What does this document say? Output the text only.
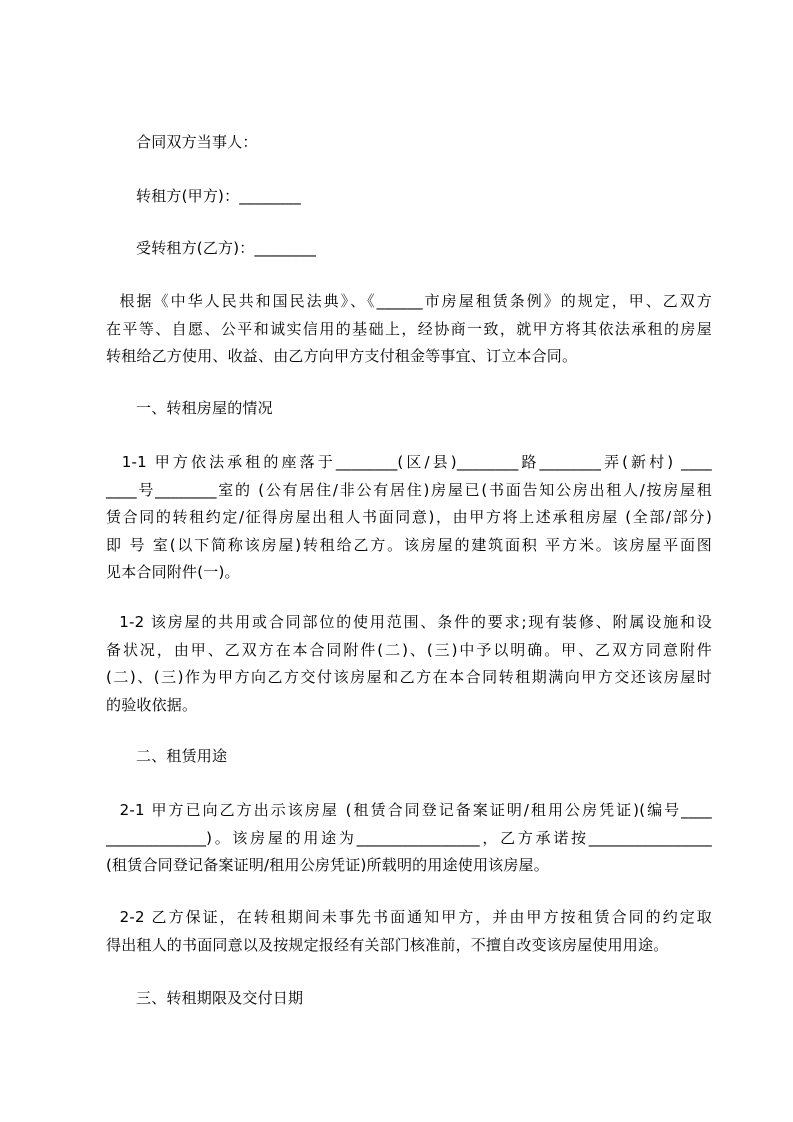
合同双方当事人：

转租方(甲方)：________

受转租方(乙方)：________

根据《中华人民共和国民法典》、《______市房屋租赁条例》的规定，甲、乙双方
在平等、自愿、公平和诚实信用的基础上，经协商一致，就甲方将其依法承租的房屋
转租给乙方使用、收益、由乙方向甲方支付租金等事宜、订立本合同。

一、转租房屋的情况

1-1 甲方依法承租的座落于________(区/县)________路________弄(新村) ____
____号________室的 (公有居住/非公有居住)房屋已(书面告知公房出租人/按房屋租
赁合同的转租约定/征得房屋出租人书面同意)，由甲方将上述承租房屋 (全部/部分)
即 号 室(以下简称该房屋)转租给乙方。该房屋的建筑面积 平方米。该房屋平面图
见本合同附件(一)。
1-2 该房屋的共用或合同部位的使用范围、条件的要求;现有装修、附属设施和设
备状况，由甲、乙双方在本合同附件(二)、(三)中予以明确。甲、乙双方同意附件
(二)、(三)作为甲方向乙方交付该房屋和乙方在本合同转租期满向甲方交还该房屋时
的验收依据。

二、租赁用途

2-1 甲方已向乙方出示该房屋 (租赁合同登记备案证明/租用公房凭证)(编号____
_____________)。该房屋的用途为________________，乙方承诺按________________
(租赁合同登记备案证明/租用公房凭证)所载明的用途使用该房屋。
2-2 乙方保证，在转租期间未事先书面通知甲方，并由甲方按租赁合同的约定取
得出租人的书面同意以及按规定报经有关部门核准前，不擅自改变该房屋使用用途。

三、转租期限及交付日期
